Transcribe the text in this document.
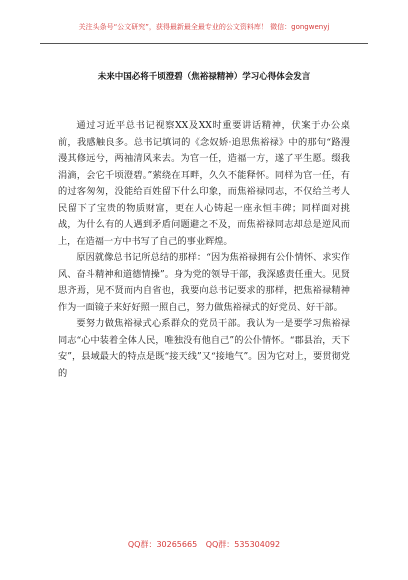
关注头条号“公文研究”，获得最新最全最专业的公文资料库！ 微信：gongwenyj
未来中国必将千顷澄碧（焦裕禄精神）学习心得体会发言

通过习近平总书记视察XX及XX时重要讲话精神，伏案于办公桌前，我感触良多。总书记填词的《念奴娇·追思焦裕禄》中的那句“路漫漫其修远兮，两袖清风来去。为官一任，造福一方，遂了平生愿。缀我涓滴，会它千顷澄碧。”萦绕在耳畔，久久不能释怀。同样为官一任，有的过客匆匆，没能给百姓留下什么印象，而焦裕禄同志，不仅给兰考人民留下了宝贵的物质财富，更在人心铸起一座永恒丰碑；同样面对挑战，为什么有的人遇到矛盾问题避之不及，而焦裕禄同志却总是逆风而上，在造福一方中书写了自己的事业辉煌。

原因就像总书记所总结的那样：“因为焦裕禄拥有公仆情怀、求实作风、奋斗精神和道德情操”。身为党的领导干部，我深感责任重大。见贤思齐焉，见不贤而内自省也，我要向总书记要求的那样，把焦裕禄精神作为一面镜子来好好照一照自己，努力做焦裕禄式的好党员、好干部。

要努力做焦裕禄式心系群众的党员干部。我认为一是要学习焦裕禄同志“心中装着全体人民，唯独没有他自己”的公仆情怀。“郡县治，天下安”，县域最大的特点是既“接天线”又“接地气”。因为它对上，要贯彻党的

QQ群：30265665 QQ群：535304092
